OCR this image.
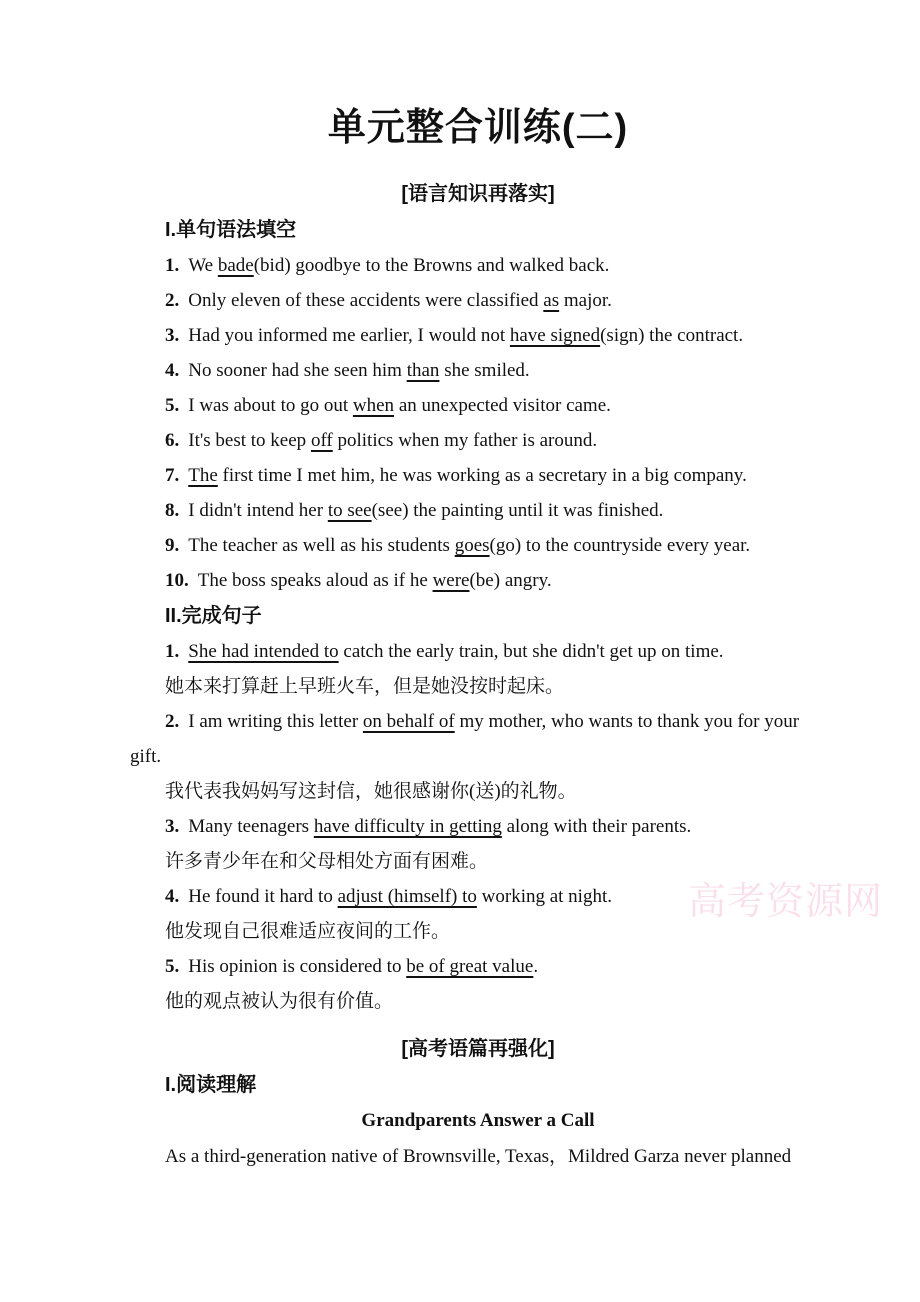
高考资源网
单元整合训练(二)
[语言知识再落实]
I.单句语法填空
1. We bade(bid) goodbye to the Browns and walked back.
2. Only eleven of these accidents were classified as major.
3. Had you informed me earlier, I would not have signed(sign) the contract.
4. No sooner had she seen him than she smiled.
5. I was about to go out when an unexpected visitor came.
6. It's best to keep off politics when my father is around.
7. The first time I met him, he was working as a secretary in a big company.
8. I didn't intend her to see(see) the painting until it was finished.
9. The teacher as well as his students goes(go) to the countryside every year.
10. The boss speaks aloud as if he were(be) angry.
II.完成句子
1. She had intended to catch the early train, but she didn't get up on time.
她本来打算赶上早班火车，但是她没按时起床。
2. I am writing this letter on behalf of my mother, who wants to thank you for your
gift.
我代表我妈妈写这封信，她很感谢你(送)的礼物。
3. Many teenagers have difficulty in getting along with their parents.
许多青少年在和父母相处方面有困难。
4. He found it hard to adjust (himself) to working at night.
他发现自己很难适应夜间的工作。
5. His opinion is considered to be of great value.
他的观点被认为很有价值。
[高考语篇再强化]
I.阅读理解
Grandparents Answer a Call
As a third-generation native of Brownsville, Texas，Mildred Garza never planned
